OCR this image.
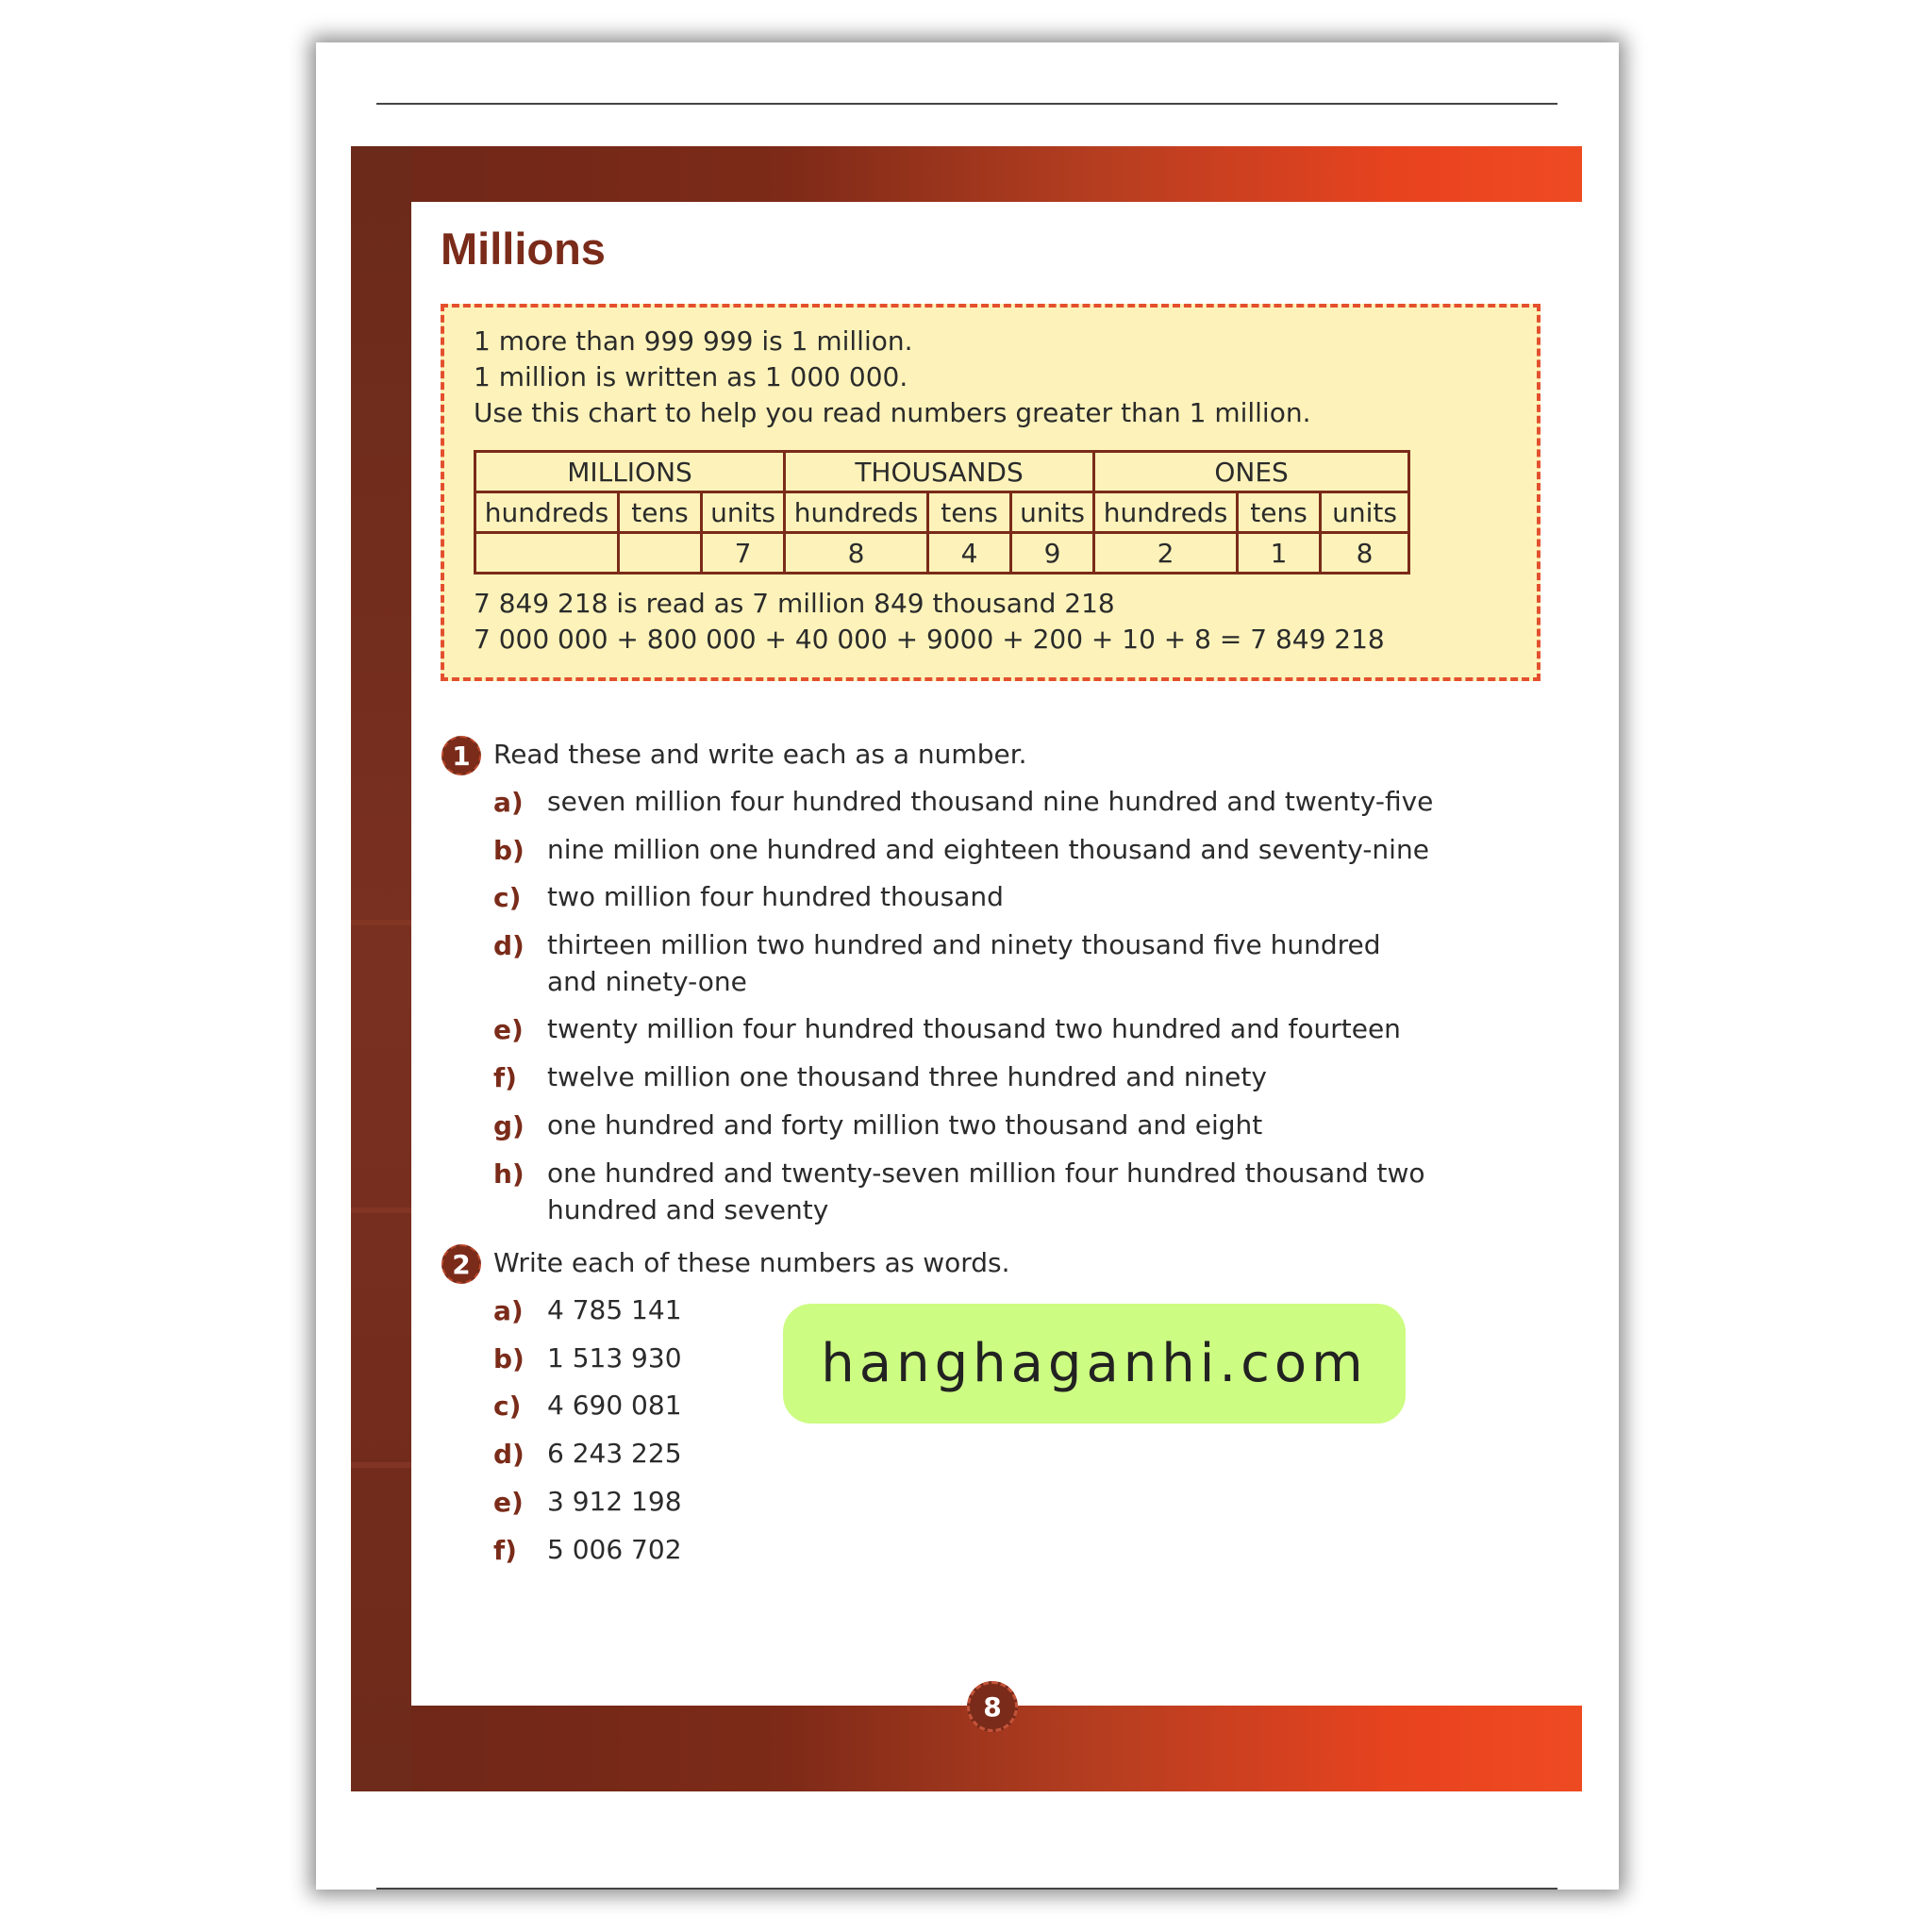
Millions
1 more than 999 999 is 1 million.
1 million is written as 1 000 000.
Use this chart to help you read numbers greater than 1 million.
MILLIONS			THOUSANDS			ONES		
hundreds	tens	units	hundreds	tens	units	hundreds	tens	units
		7	8	4	9	2	1	8
7 849 218 is read as 7 million 849 thousand 218
7 000 000 + 800 000 + 40 000 + 9000 + 200 + 10 + 8 = 7 849 218
1 Read these and write each as a number.
a) seven million four hundred thousand nine hundred and twenty-five
b) nine million one hundred and eighteen thousand and seventy-nine
c) two million four hundred thousand
d) thirteen million two hundred and ninety thousand five hundred and ninety-one
e) twenty million four hundred thousand two hundred and fourteen
f) twelve million one thousand three hundred and ninety
g) one hundred and forty million two thousand and eight
h) one hundred and twenty-seven million four hundred thousand two hundred and seventy
2 Write each of these numbers as words.
a) 4 785 141
b) 1 513 930
c) 4 690 081
d) 6 243 225
e) 3 912 198
f) 5 006 702
hanghaganhi.com
8
